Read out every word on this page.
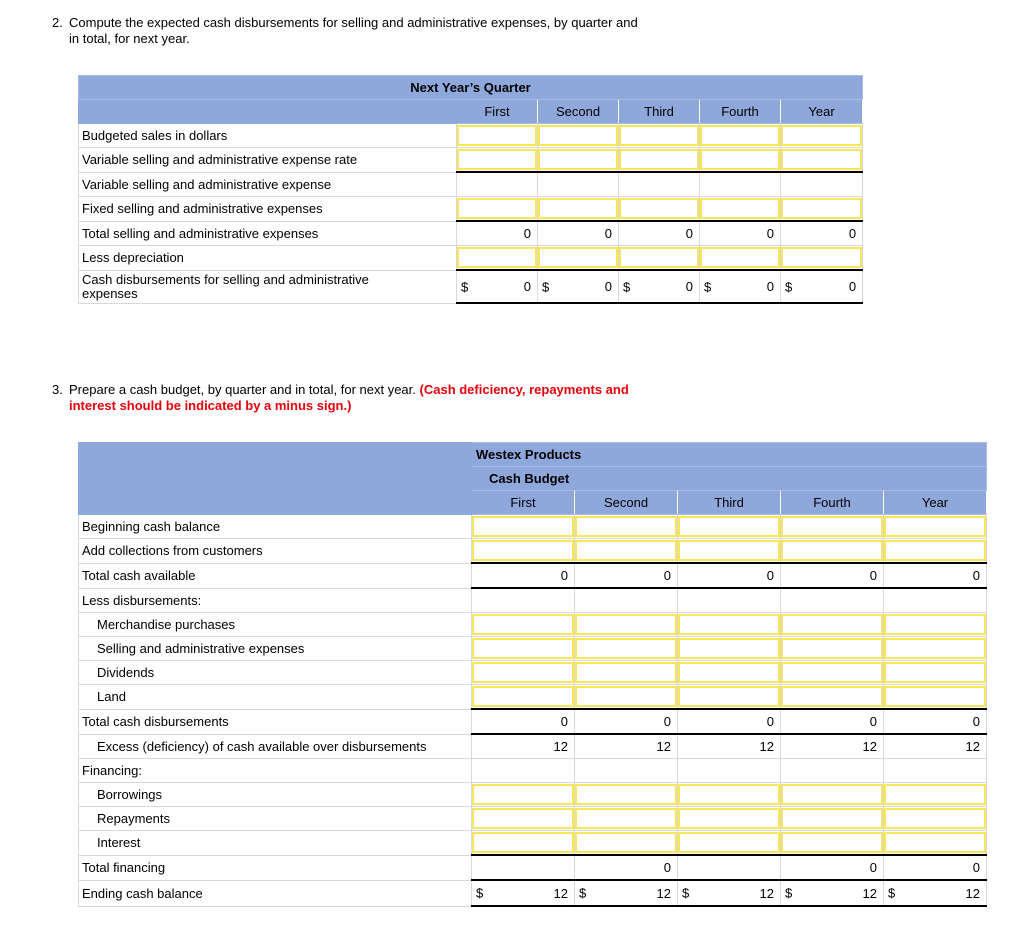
2. Compute the expected cash disbursements for selling and administrative expenses, by quarter and
in total, for next year.
Next Year’s Quarter					
	First	Second	Third	Fourth	Year
Budgeted sales in dollars	

Variable selling and administrative expense rate	

Variable selling and administrative expense					
Fixed selling and administrative expenses	

Total selling and administrative expenses	0	0	0	0	0
Less depreciation	

Cash disbursements for selling and administrative
expenses	$ 0	$ 0	$ 0	$ 0	$ 0
3. Prepare a cash budget, by quarter and in total, for next year. (Cash deficiency, repayments and
interest should be indicated by a minus sign.)
	Westex Products				
	Cash Budget				
	First	Second	Third	Fourth	Year
Beginning cash balance	

Add collections from customers	

Total cash available	0	0	0	0	0
Less disbursements:					
Merchandise purchases	

Selling and administrative expenses	

Dividends	

Land	

Total cash disbursements	0	0	0	0	0
Excess (deficiency) of cash available over disbursements	12	12	12	12	12
Financing:					
Borrowings	

Repayments	

Interest	

Total financing		0		0	0
Ending cash balance	$ 12	$ 12	$ 12	$ 12	$ 12
